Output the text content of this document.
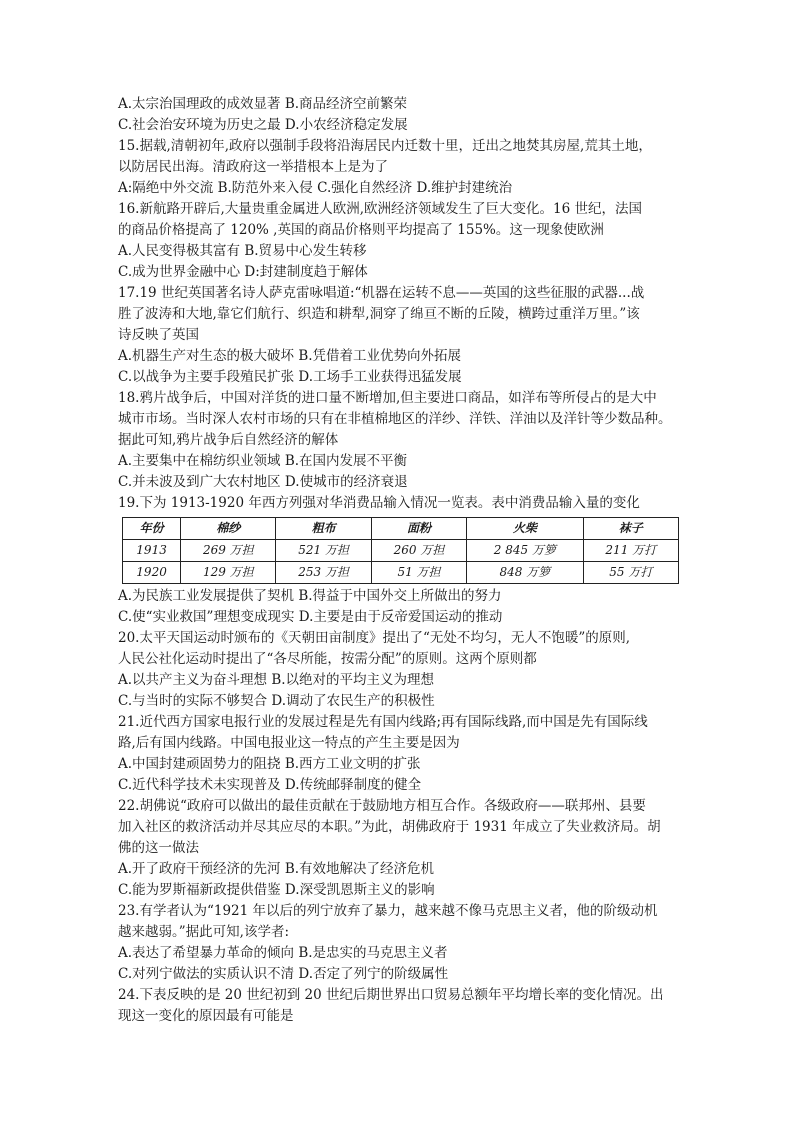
A.太宗治国理政的成效显著 B.商品经济空前繁荣
C.社会治安环境为历史之最 D.小农经济稳定发展
15.据载,清朝初年,政府以强制手段将沿海居民内迁数十里，迁出之地焚其房屋,荒其土地，
以防居民出海。清政府这一举措根本上是为了
A:隔绝中外交流 B.防范外来入侵 C.强化自然经济 D.维护封建统治
16.新航路开辟后,大量贵重金属进人欧洲,欧洲经济领域发生了巨大变化。16 世纪，法国
的商品价格提高了 120% ,英国的商品价格则平均提高了 155%。这一现象使欧洲
A.人民变得极其富有 B.贸易中心发生转移
C.成为世界金融中心 D:封建制度趋于解体
17.19 世纪英国著名诗人萨克雷咏唱道:“机器在运转不息——英国的这些征服的武器...战
胜了波涛和大地,靠它们航行、织造和耕犁,洞穿了绵亘不断的丘陵，横跨过重洋万里。”该
诗反映了英国
A.机器生产对生态的极大破坏 B.凭借着工业优势向外拓展
C.以战争为主要手段殖民扩张 D.工场手工业获得迅猛发展
18.鸦片战争后，中国对洋货的进口量不断增加,但主要进口商品，如洋布等所侵占的是大中
城市市场。当时深人农村市场的只有在非植棉地区的洋纱、洋铁、洋油以及洋针等少数品种。
据此可知,鸦片战争后自然经济的解体
A.主要集中在棉纺织业领域 B.在国内发展不平衡
C.并未波及到广大农村地区 D.使城市的经济衰退
19.下为 1913-1920 年西方列强对华消费品输入情况一览表。表中消费品输入量的变化
年份	棉纱	粗布	面粉	火柴	袜子
1913	269 万担	521 万担	260 万担	2 845 万箩	211 万打
1920	129 万担	253 万担	51 万担	848 万箩	55 万打
A.为民族工业发展提供了契机 B.得益于中国外交上所做出的努力
C.使“实业救国”理想变成现实 D.主要是由于反帝爱国运动的推动
20.太平天国运动时颁布的《天朝田亩制度》提出了“无处不均匀，无人不饱暖”的原则,
人民公社化运动时提出了“各尽所能，按需分配”的原则。这两个原则都
A.以共产主义为奋斗理想 B.以绝对的平均主义为理想
C.与当时的实际不够契合 D.调动了农民生产的积极性
21.近代西方国家电报行业的发展过程是先有国内线路;再有国际线路,而中国是先有国际线
路,后有国内线路。中国电报业这一特点的产生主要是因为
A.中国封建顽固势力的阻挠 B.西方工业文明的扩张
C.近代科学技术未实现普及 D.传统邮驿制度的健全
22.胡佛说“政府可以做出的最佳贡献在于鼓励地方相互合作。各级政府——联邦州、县要
加入社区的救济活动并尽其应尽的本职。”为此，胡佛政府于 1931 年成立了失业救济局。胡
佛的这一做法
A.开了政府干预经济的先河 B.有效地解决了经济危机
C.能为罗斯福新政提供借鉴 D.深受凯恩斯主义的影响
23.有学者认为“1921 年以后的列宁放弃了暴力，越来越不像马克思主义者，他的阶级动机
越来越弱。”据此可知,该学者:
A.表达了希望暴力革命的倾向 B.是忠实的马克思主义者
C.对列宁做法的实质认识不清 D.否定了列宁的阶级属性
24.下表反映的是 20 世纪初到 20 世纪后期世界出口贸易总额年平均增长率的变化情况。出
现这一变化的原因最有可能是
